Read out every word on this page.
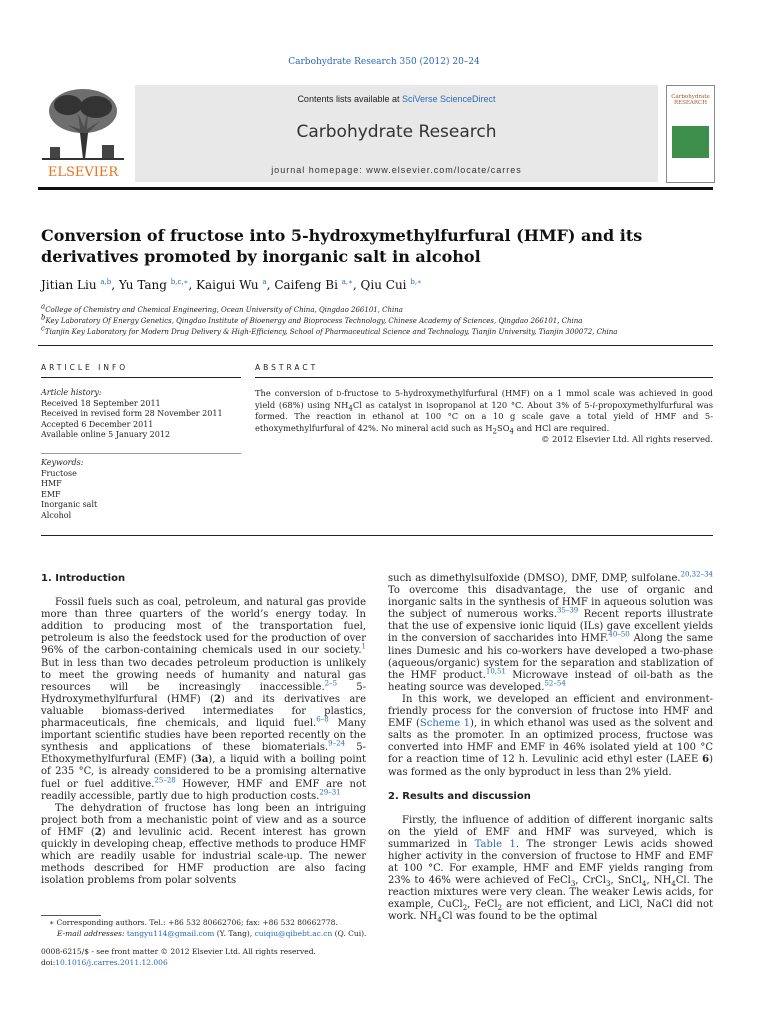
Carbohydrate Research 350 (2012) 20–24
ELSEVIER
Contents lists available at SciVerse ScienceDirect
Carbohydrate Research
journal homepage: www.elsevier.com/locate/carres
Carbohydrate RESEARCH
Conversion of fructose into 5-hydroxymethylfurfural (HMF) and its derivatives promoted by inorganic salt in alcohol
Jitian Liu $^{a,b}$, Yu Tang $^{b,c,∗}$, Kaigui Wu $^a$, Caifeng Bi $^{a,∗}$, Qiu Cui $^{b,∗}$
aCollege of Chemistry and Chemical Engineering, Ocean University of China, Qingdao 266101, China
bKey Laboratory Of Energy Genetics, Qingdao Institute of Bioenergy and Bioprocess Technology, Chinese Academy of Sciences, Qingdao 266101, China
cTianjin Key Laboratory for Modern Drug Delivery & High-Efficiency, School of Pharmaceutical Science and Technology, Tianjin University, Tianjin 300072, China
ARTICLE INFO
Article history:
Received 18 September 2011
Received in revised form 28 November 2011
Accepted 6 December 2011
Available online 5 January 2012
Keywords:
Fructose
HMF
EMF
Inorganic salt
Alcohol
ABSTRACT
The conversion of d-fructose to 5-hydroxymethylfurfural (HMF) on a 1 mmol scale was achieved in good yield (68%) using $NH_4Cl$ as catalyst in isopropanol at 120 °C. About 3% of 5-i-propoxymethylfurfural was formed. The reaction in ethanol at 100 °C on a 10 g scale gave a total yield of HMF and 5-ethoxymethylfurfural of 42%. No mineral acid such as $H_2SO_4$ and HCl are required.
© 2012 Elsevier Ltd. All rights reserved.
1. Introduction

Fossil fuels such as coal, petroleum, and natural gas provide more than three quarters of the world’s energy today. In addition to producing most of the transportation fuel, petroleum is also the feedstock used for the production of over 96% of the carbon-containing chemicals used in our society.$^1$ But in less than two decades petroleum production is unlikely to meet the growing needs of humanity and natural gas resources will be increasingly inaccessible.$^{2-5}$ 5-Hydroxymethylfurfural (HMF) (2) and its derivatives are valuable biomass-derived intermediates for plastics, pharmaceuticals, fine chemicals, and liquid fuel.$^{6-8}$ Many important scientific studies have been reported recently on the synthesis and applications of these biomaterials.$^{9-24}$ 5-Ethoxymethylfurfural (EMF) (3a), a liquid with a boiling point of 235 °C, is already considered to be a promising alternative fuel or fuel additive.$^{25-28}$ However, HMF and EMF are not readily accessible, partly due to high production costs.$^{29-31}$

The dehydration of fructose has long been an intriguing project both from a mechanistic point of view and as a source of HMF (2) and levulinic acid. Recent interest has grown quickly in developing cheap, effective methods to produce HMF which are readily usable for industrial scale-up. The newer methods described for HMF production are also facing isolation problems from polar solvents

∗ Corresponding authors. Tel.: +86 532 80662706; fax: +86 532 80662778.
E-mail addresses: tangyu114@gmail.com (Y. Tang), cuiqiu@qibebt.ac.cn (Q. Cui).
0008-6215/$ - see front matter © 2012 Elsevier Ltd. All rights reserved.
doi:10.1016/j.carres.2011.12.006

such as dimethylsulfoxide (DMSO), DMF, DMP, sulfolane.$^{20,32-34}$ To overcome this disadvantage, the use of organic and inorganic salts in the synthesis of HMF in aqueous solution was the subject of numerous works.$^{35-39}$ Recent reports illustrate that the use of expensive ionic liquid (ILs) gave excellent yields in the conversion of saccharides into HMF.$^{40-50}$ Along the same lines Dumesic and his co-workers have developed a two-phase (aqueous/organic) system for the separation and stablization of the HMF product.$^{10,51}$ Microwave instead of oil-bath as the heating source was developed.$^{52-54}$

In this work, we developed an efficient and environment-friendly process for the conversion of fructose into HMF and EMF (Scheme 1), in which ethanol was used as the solvent and salts as the promoter. In an optimized process, fructose was converted into HMF and EMF in 46% isolated yield at 100 °C for a reaction time of 12 h. Levulinic acid ethyl ester (LAEE 6) was formed as the only byproduct in less than 2% yield.

2. Results and discussion

Firstly, the influence of addition of different inorganic salts on the yield of EMF and HMF was surveyed, which is summarized in Table 1. The stronger Lewis acids showed higher activity in the conversion of fructose to HMF and EMF at 100 °C. For example, HMF and EMF yields ranging from 23% to 46% were achieved of FeCl$_3$, CrCl$_3$, SnCl$_4$, $NH_4Cl$. The reaction mixtures were very clean. The weaker Lewis acids, for example, CuCl$_2$, FeCl$_2$ are not efficient, and LiCl, NaCl did not work. $NH_4Cl$ was found to be the optimal
